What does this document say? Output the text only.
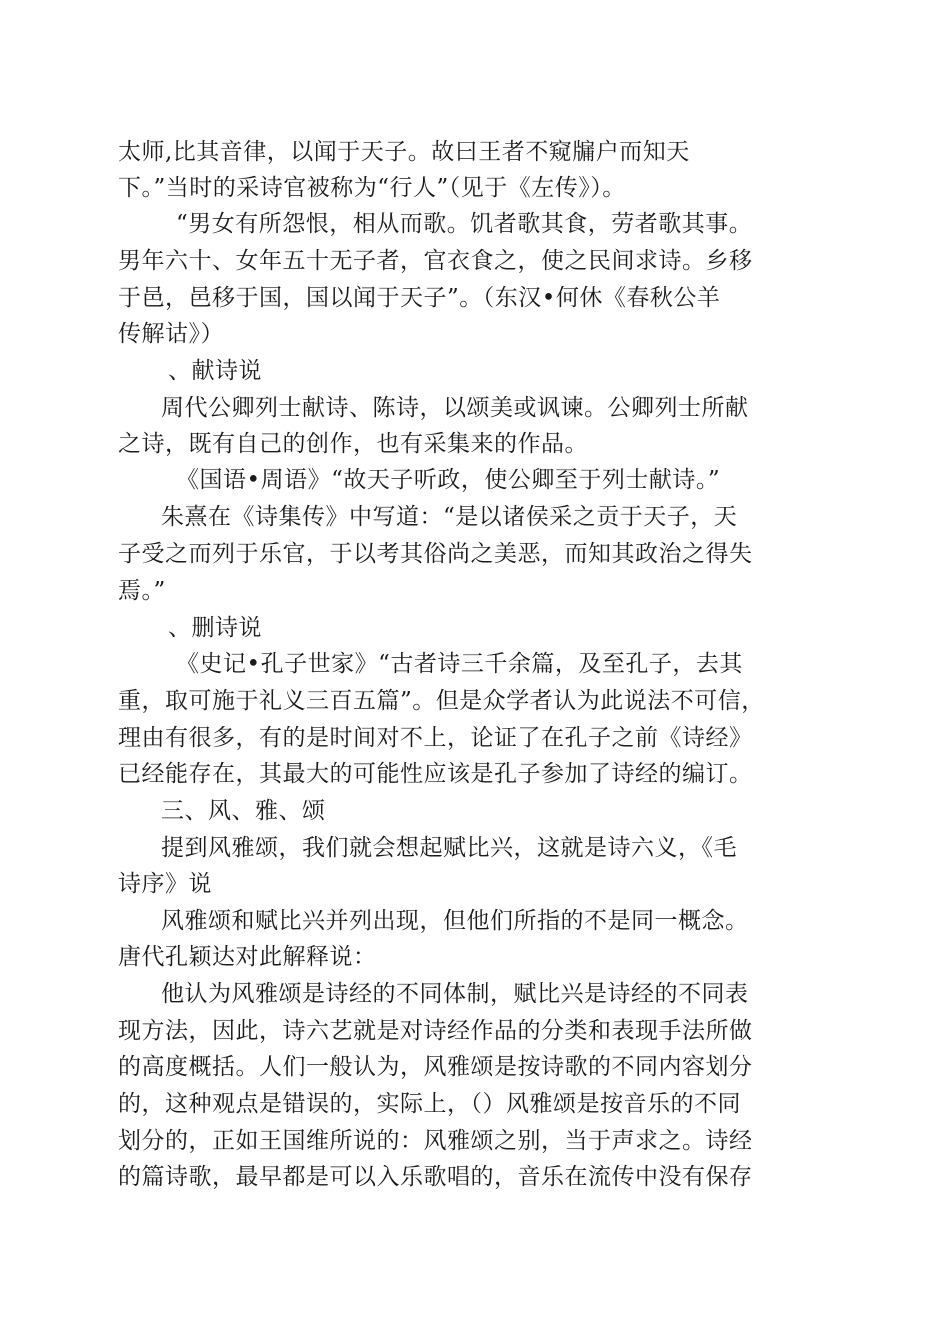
太师,比其音律，以闻于天子。故曰王者不窥牖户而知天
下。”当时的采诗官被称为“行人”（见于《左传》）。
“男女有所怨恨，相从而歌。饥者歌其食，劳者歌其事。
男年六十、女年五十无子者，官衣食之，使之民间求诗。乡移
于邑，邑移于国，国以闻于天子”。（东汉•何休《春秋公羊
传解诂》）
、献诗说
周代公卿列士献诗、陈诗，以颂美或讽谏。公卿列士所献
之诗，既有自己的创作，也有采集来的作品。
《国语•周语》“故天子听政，使公卿至于列士献诗。”
朱熹在《诗集传》中写道：“是以诸侯采之贡于天子，天
子受之而列于乐官，于以考其俗尚之美恶，而知其政治之得失
焉。”
、删诗说
《史记•孔子世家》“古者诗三千余篇，及至孔子，去其
重，取可施于礼义三百五篇”。但是众学者认为此说法不可信，
理由有很多，有的是时间对不上，论证了在孔子之前《诗经》
已经能存在，其最大的可能性应该是孔子参加了诗经的编订。
三、风、雅、颂
提到风雅颂，我们就会想起赋比兴，这就是诗六义，《毛
诗序》说
风雅颂和赋比兴并列出现，但他们所指的不是同一概念。
唐代孔颖达对此解释说：
他认为风雅颂是诗经的不同体制，赋比兴是诗经的不同表
现方法，因此，诗六艺就是对诗经作品的分类和表现手法所做
的高度概括。人们一般认为，风雅颂是按诗歌的不同内容划分
的，这种观点是错误的，实际上，（）风雅颂是按音乐的不同
划分的，正如王国维所说的：风雅颂之别，当于声求之。诗经
的篇诗歌，最早都是可以入乐歌唱的，音乐在流传中没有保存
